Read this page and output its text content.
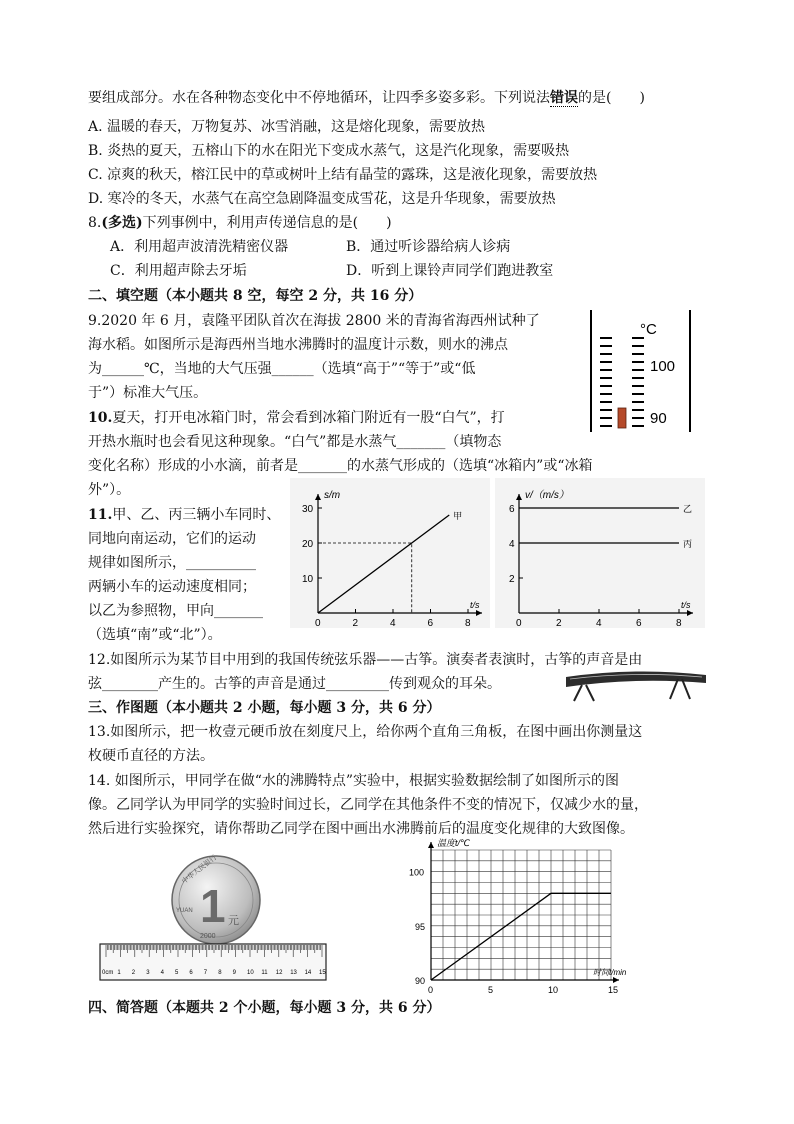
要组成部分。水在各种物态变化中不停地循环，让四季多姿多彩。下列说法错误的是(　　)
A. 温暖的春天，万物复苏、冰雪消融，这是熔化现象，需要放热
B. 炎热的夏天，五榕山下的水在阳光下变成水蒸气，这是汽化现象，需要吸热
C. 凉爽的秋天，榕江民中的草或树叶上结有晶莹的露珠，这是液化现象，需要放热
D. 寒冷的冬天，水蒸气在高空急剧降温变成雪花，这是升华现象，需要放热
8.(多选)下列事例中，利用声传递信息的是(　　)
A．利用超声波清洗精密仪器	B．通过听诊器给病人诊病
C．利用超声除去牙垢	D．听到上课铃声同学们跑进教室
二、填空题（本小题共 8 空，每空 2 分，共 16 分）
9.2020 年 6 月，袁隆平团队首次在海拔 2800 米的青海省海西州试种了
海水稻。如图所示是海西州当地水沸腾时的温度计示数，则水的沸点
为______℃，当地的大气压强______（选填“高于”“等于”或“低
于”）标准大气压。
°C
100
90
10.夏天，打开电冰箱门时，常会看到冰箱门附近有一股“白气”，打
开热水瓶时也会看见这种现象。“白气”都是水蒸气_______（填物态
变化名称）形成的小水滴，前者是_______的水蒸气形成的（选填“冰箱内”或“冰箱
外”）。
11.甲、乙、丙三辆小车同时、
同地向南运动，它们的运动
规律如图所示，__________
两辆小车的运动速度相同；
以乙为参照物，甲向_______
（选填“南”或“北”）。
0	2	4	6	8
10
20
30
s/m
t/s
甲
0	2	4	6	8
2
4
6
v/（m/s）
t/s
乙
丙
12.如图所示为某节目中用到的我国传统弦乐器——古筝。演奏者表演时，古筝的声音是由
弦________产生的。古筝的声音是通过_________传到观众的耳朵。
三、作图题（本小题共 2 小题，每小题 3 分，共 6 分）
13.如图所示，把一枚壹元硬币放在刻度尺上，给你两个直角三角板，在图中画出你测量这
枚硬币直径的方法。
14. 如图所示，甲同学在做“水的沸腾特点”实验中，根据实验数据绘制了如图所示的图
像。乙同学认为甲同学的实验时间过长，乙同学在其他条件不变的情况下，仅减少水的量，
然后进行实验探究，请你帮助乙同学在图中画出水沸腾前后的温度变化规律的大致图像。
中华人民银行
1 元
YUAN
2000
0cm 1 2 3 4 5 6 7 8 9 10 11 12 13 14 15
0	5	10	15
90
95
100
温度t/℃
时间t/min
四、简答题（本题共 2 个小题，每小题 3 分，共 6 分）
